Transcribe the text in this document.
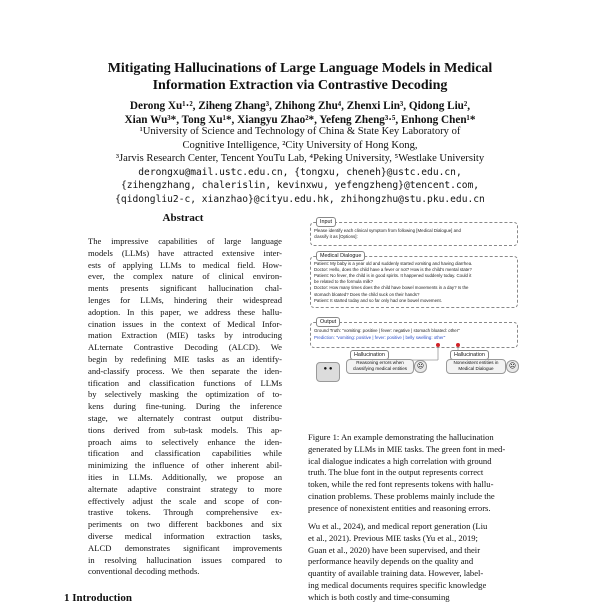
Mitigating Hallucinations of Large Language Models in Medical
Information Extraction via Contrastive Decoding
Derong Xu¹·², Ziheng Zhang³, Zhihong Zhu⁴, Zhenxi Lin³, Qidong Liu²,
Xian Wu³*, Tong Xu¹*, Xiangyu Zhao²*, Yefeng Zheng³·⁵, Enhong Chen¹*
¹University of Science and Technology of China & State Key Laboratory of
Cognitive Intelligence, ²City University of Hong Kong,
³Jarvis Research Center, Tencent YouTu Lab, ⁴Peking University, ⁵Westlake University
derongxu@mail.ustc.edu.cn, {tongxu, cheneh}@ustc.edu.cn,
{zihengzhang, chalerislin, kevinxwu, yefengzheng}@tencent.com,
{qidongliu2-c, xianzhao}@cityu.edu.hk, zhihongzhu@stu.pku.edu.cn
Abstract
The impressive capabilities of large language
models (LLMs) have attracted extensive inter-
ests of applying LLMs to medical field. How-
ever, the complex nature of clinical environ-
ments presents significant hallucination chal-
lenges for LLMs, hindering their widespread
adoption. In this paper, we address these hallu-
cination issues in the context of Medical Infor-
mation Extraction (MIE) tasks by introducing
ALternate Contrastive Decoding (ALCD). We
begin by redefining MIE tasks as an identify-
and-classify process. We then separate the iden-
tification and classification functions of LLMs
by selectively masking the optimization of to-
kens during fine-tuning. During the inference
stage, we alternately contrast output distribu-
tions derived from sub-task models. This ap-
proach aims to selectively enhance the iden-
tification and classification capabilities while
minimizing the influence of other inherent abil-
ities in LLMs. Additionally, we propose an
alternate adaptive constraint strategy to more
effectively adjust the scale and scope of con-
trastive tokens. Through comprehensive ex-
periments on two different backbones and six
diverse medical information extraction tasks,
ALCD demonstrates significant improvements
in resolving hallucination issues compared to
conventional decoding methods.
Input
Please identify each clinical symptom from following [Medical Dialogue] and
classify it as [Options]:
Medical Dialogue
Patient: My baby is a year old and suddenly started vomiting and having diarrhea.
Doctor: Hello, does the child have a fever or not? How is the child's mental state?
Patient: No fever, the child is in good spirits. It happened suddenly today. Could it
be related to the formula milk?
Doctor: How many times does the child have bowel movements in a day? Is the
stomach bloated? Does the child suck on their hands?
Patient: It started today and so far only had one bowel movement.
Output
Ground Truth: "vomiting: positive | fever: negative | stomach bloated: other"
Prediction: "vomiting: positive | fever: positive | belly swelling: other"
● ●
Hallucination
Reasoning errors when
classifying medical entities	☹
Hallucination
Nonexistent entities in
Medical Dialogue	☹
Figure 1: An example demonstrating the hallucination
generated by LLMs in MIE tasks. The green font in med-
ical dialogue indicates a high correlation with ground
truth. The blue font in the output represents correct
token, while the red font represents tokens with hallu-
cination problems. These problems mainly include the
presence of nonexistent entities and reasoning errors.
Wu et al., 2024), and medical report generation (Liu
et al., 2021). Previous MIE tasks (Yu et al., 2019;
Guan et al., 2020) have been supervised, and their
performance heavily depends on the quality and
quantity of available training data. However, label-
ing medical documents requires specific knowledge
which is both costly and time-consuming
1 Introduction
